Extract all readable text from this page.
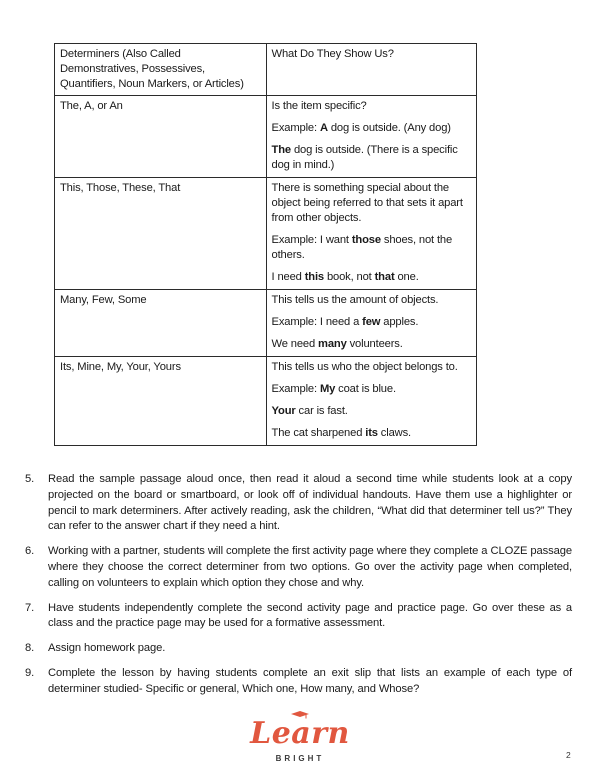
Determiners (Also Called Demonstratives, Possessives, Quantifiers, Noun Markers, or Articles)	What Do They Show Us?
The, A, or An	Is the item specific?
Example: A dog is outside. (Any dog)
The dog is outside. (There is a specific dog in mind.)

This, Those, These, That	There is something special about the object being referred to that sets it apart from other objects.
Example: I want those shoes, not the others.
I need this book, not that one.

Many, Few, Some	This tells us the amount of objects.
Example: I need a few apples.
We need many volunteers.

Its, Mine, My, Your, Yours	This tells us who the object belongs to.
Example: My coat is blue.
Your car is fast.
The cat sharpened its claws.
5. Read the sample passage aloud once, then read it aloud a second time while students look at a copy projected on the board or smartboard, or look off of individual handouts. Have them use a highlighter or pencil to mark determiners. After actively reading, ask the children, “What did that determiner tell us?” They can refer to the answer chart if they need a hint.
6. Working with a partner, students will complete the first activity page where they complete a CLOZE passage where they choose the correct determiner from two options. Go over the activity page when completed, calling on volunteers to explain which option they chose and why.
7. Have students independently complete the second activity page and practice page. Go over these as a class and the practice page may be used for a formative assessment.
8. Assign homework page.
9. Complete the lesson by having students complete an exit slip that lists an example of each type of determiner studied- Specific or general, Which one, How many, and Whose?
Learn
BRIGHT	2
